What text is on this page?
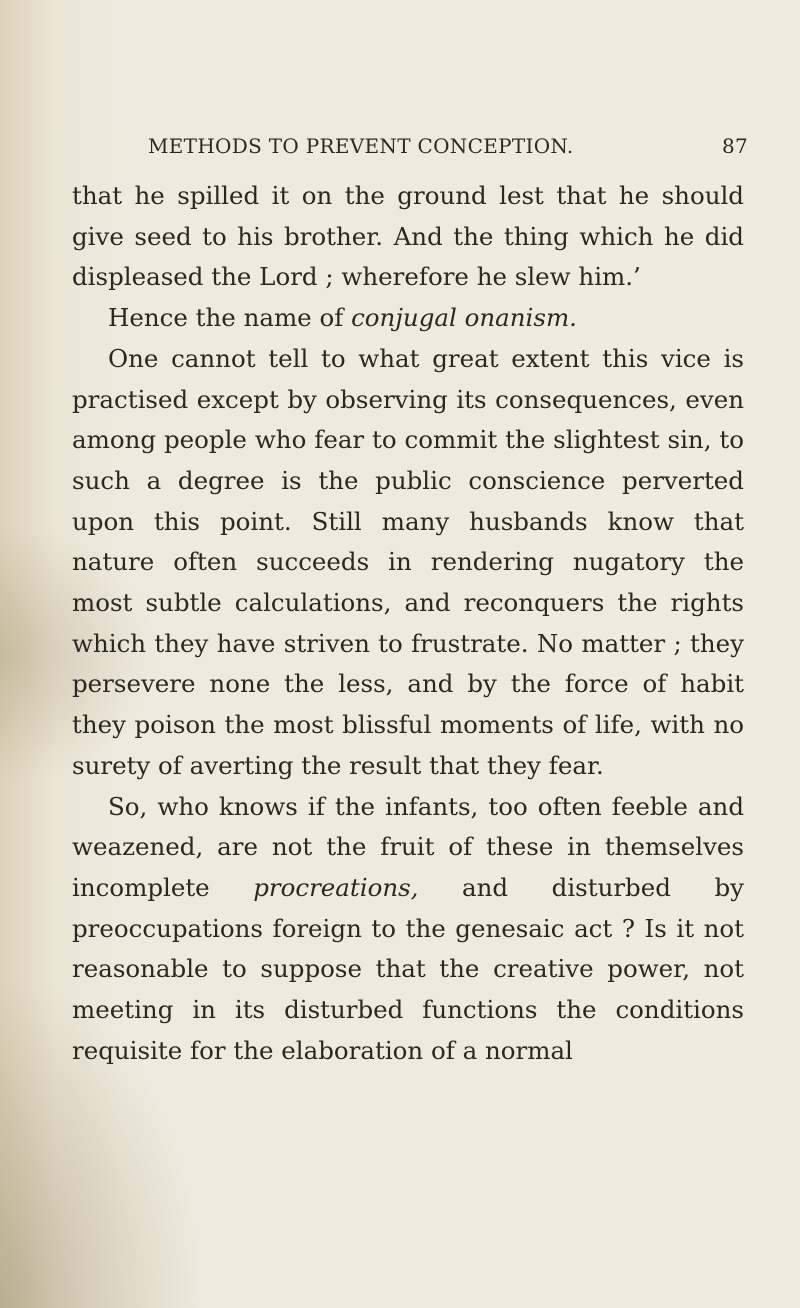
METHODS TO PREVENT CONCEPTION.	87

that he spilled it on the ground lest that he should give seed to his brother. And the thing which he did displeased the Lord ; wherefore he slew him.’

Hence the name of conjugal onanism.

One cannot tell to what great extent this vice is practised except by observing its consequences, even among people who fear to commit the slightest sin, to such a degree is the public conscience perverted upon this point. Still many husbands know that nature often succeeds in rendering nugatory the most subtle calculations, and reconquers the rights which they have striven to frustrate. No matter ; they persevere none the less, and by the force of habit they poison the most blissful moments of life, with no surety of averting the result that they fear.

So, who knows if the infants, too often feeble and weazened, are not the fruit of these in themselves incomplete procreations, and disturbed by preoccupations foreign to the genesaic act ? Is it not reasonable to suppose that the creative power, not meeting in its disturbed functions the conditions requisite for the elaboration of a normal
